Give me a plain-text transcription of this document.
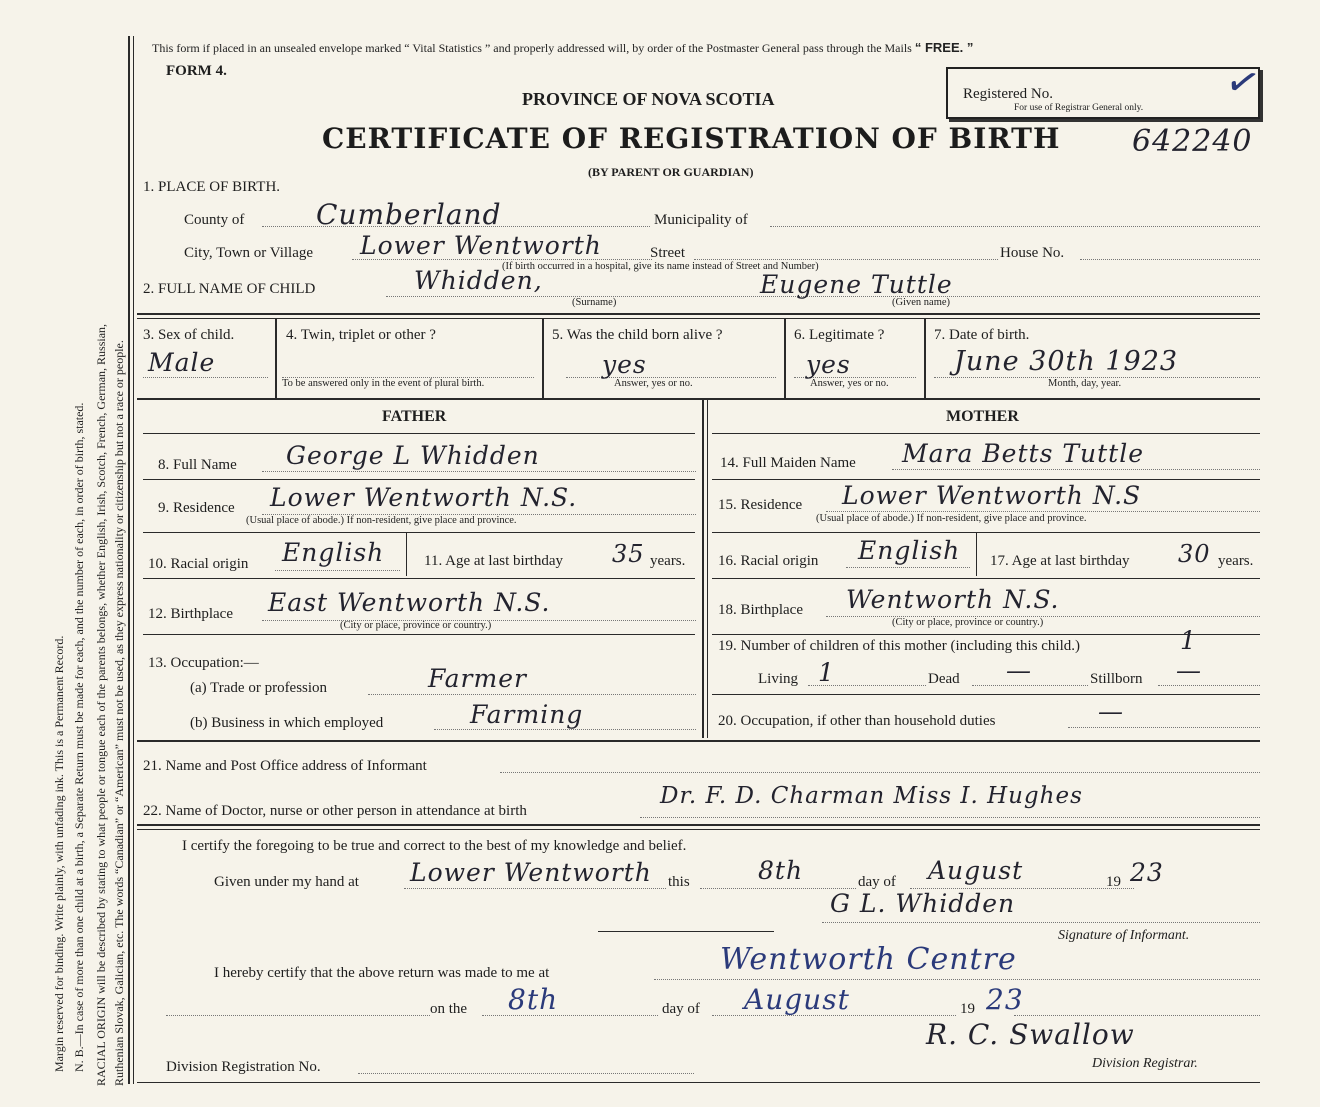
Margin reserved for binding. Write plainly, with unfading ink. This is a Permanent Record. N. B.—In case of more than one child at a birth, a Separate Return must be made for each, and the number of each, in order of birth, stated. RACIAL ORIGIN will be described by stating to what people or tongue each of the parents belongs, whether English, Irish, Scotch, French, German, Russian, Ruthenian Slovak, Galician, etc. The words “Canadian” or “American” must not be used, as they express nationality or citizenship but not a race or people.
This form if placed in an unsealed envelope marked “ Vital Statistics ” and properly addressed will, by order of the Postmaster General pass through the Mails “ FREE. ”
FORM 4.
PROVINCE OF NOVA SCOTIA
CERTIFICATE OF REGISTRATION OF BIRTH
(BY PARENT OR GUARDIAN)
Registered No.
For use of Registrar General only.
642240
✓
1. PLACE OF BIRTH.
County of	Cumberland	Municipality of
City, Town or Village Lower Wentworth	Street	House No.
(If birth occurred in a hospital, give its name instead of Street and Number)
2. FULL NAME OF CHILD	Whidden,
(Surname)
Eugene Tuttle
(Given name)
3. Sex of child.
Male
4. Twin, triplet or other ?
To be answered only in the event of plural birth.
5. Was the child born alive ?
yes
Answer, yes or no.
6. Legitimate ?
yes
Answer, yes or no.
7. Date of birth.
June 30th 1923
Month, day, year.
FATHER	MOTHER
8. Full Name George L Whidden
9. Residence Lower Wentworth N.S.
(Usual place of abode.) If non-resident, give place and province.
10. Racial origin English	11. Age at last birthday 35 years.
12. Birthplace East Wentworth N.S.
(City or place, province or country.)
13. Occupation:—
(a) Trade or profession	Farmer
(b) Business in which employed	Farming
14. Full Maiden Name Mara Betts Tuttle
15. Residence Lower Wentworth N.S
(Usual place of abode.) If non-resident, give place and province.
16. Racial origin English 17. Age at last birthday 30 years.
18. Birthplace Wentworth N.S.
(City or place, province or country.)
19. Number of children of this mother (including this child.)	1
Living 1	Dead —	Stillborn —
20. Occupation, if other than household duties	—
21. Name and Post Office address of Informant
22. Name of Doctor, nurse or other person in attendance at birth
Dr. F. D. Charman Miss I. Hughes
I certify the foregoing to be true and correct to the best of my knowledge and belief.
Given under my hand at Lower Wentworth this	8th	day of August	19 23
G L. Whidden
Signature of Informant.
I hereby certify that the above return was made to me at	Wentworth Centre
on the 8th	day of August	19 23
R. C. Swallow
Division Registration No.	Division Registrar.
